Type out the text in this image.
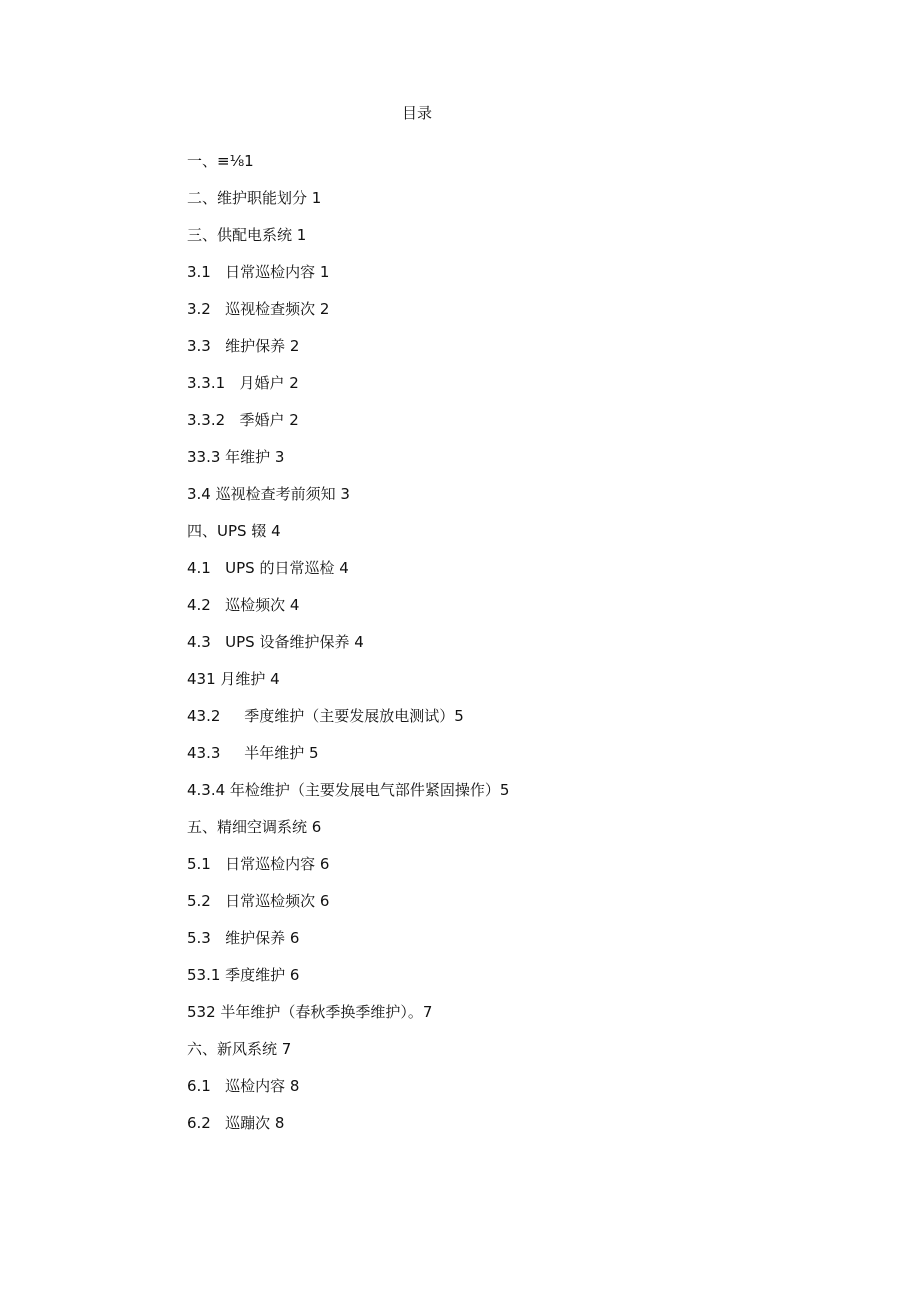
目录
一、≡⅛1
二、维护职能划分 1
三、供配电系统 1
3.1   日常巡检内容 1
3.2   巡视检查频次 2
3.3   维护保养 2
3.3.1   月婚户 2
3.3.2   季婚户 2
33.3 年维护 3
3.4 巡视检查考前须知 3
四、UPS 辍 4
4.1   UPS 的日常巡检 4
4.2   巡检频次 4
4.3   UPS 设备维护保养 4
431 月维护 4
43.2     季度维护（主要发展放电测试）5
43.3     半年维护 5
4.3.4 年检维护（主要发展电气部件紧固操作）5
五、精细空调系统 6
5.1   日常巡检内容 6
5.2   日常巡检频次 6
5.3   维护保养 6
53.1 季度维护 6
532 半年维护（春秋季换季维护）。7
六、新风系统 7
6.1   巡检内容 8
6.2   巡蹦次 8
